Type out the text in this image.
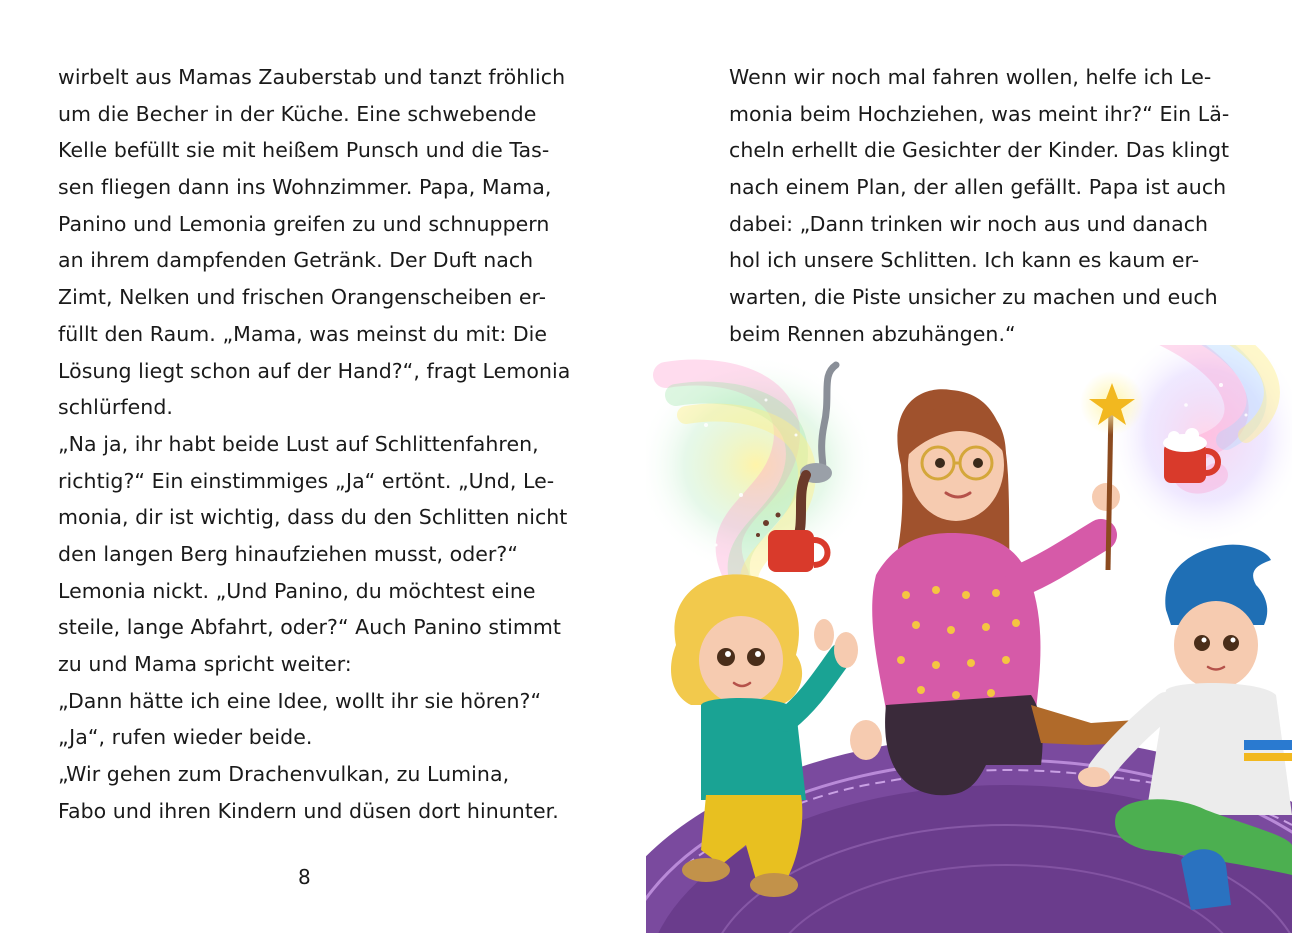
wirbelt aus Mamas Zauberstab und tanzt fröhlich
um die Becher in der Küche. Eine schwebende
Kelle befüllt sie mit heißem Punsch und die Tas-
sen fliegen dann ins Wohnzimmer. Papa, Mama,
Panino und Lemonia greifen zu und schnuppern
an ihrem dampfenden Getränk. Der Duft nach
Zimt, Nelken und frischen Orangenscheiben er-
füllt den Raum. „Mama, was meinst du mit: Die
Lösung liegt schon auf der Hand?“, fragt Lemonia
schlürfend.
„Na ja, ihr habt beide Lust auf Schlittenfahren,
richtig?“ Ein einstimmiges „Ja“ ertönt. „Und, Le-
monia, dir ist wichtig, dass du den Schlitten nicht
den langen Berg hinaufziehen musst, oder?“
Lemonia nickt. „Und Panino, du möchtest eine
steile, lange Abfahrt, oder?“ Auch Panino stimmt
zu und Mama spricht weiter:
„Dann hätte ich eine Idee, wollt ihr sie hören?“
„Ja“, rufen wieder beide.
„Wir gehen zum Drachenvulkan, zu Lumina,
Fabo und ihren Kindern und düsen dort hinunter.
8
Wenn wir noch mal fahren wollen, helfe ich Le-
monia beim Hochziehen, was meint ihr?“ Ein Lä-
cheln erhellt die Gesichter der Kinder. Das klingt
nach einem Plan, der allen gefällt. Papa ist auch
dabei: „Dann trinken wir noch aus und danach
hol ich unsere Schlitten. Ich kann es kaum er-
warten, die Piste unsicher zu machen und euch
beim Rennen abzuhängen.“
